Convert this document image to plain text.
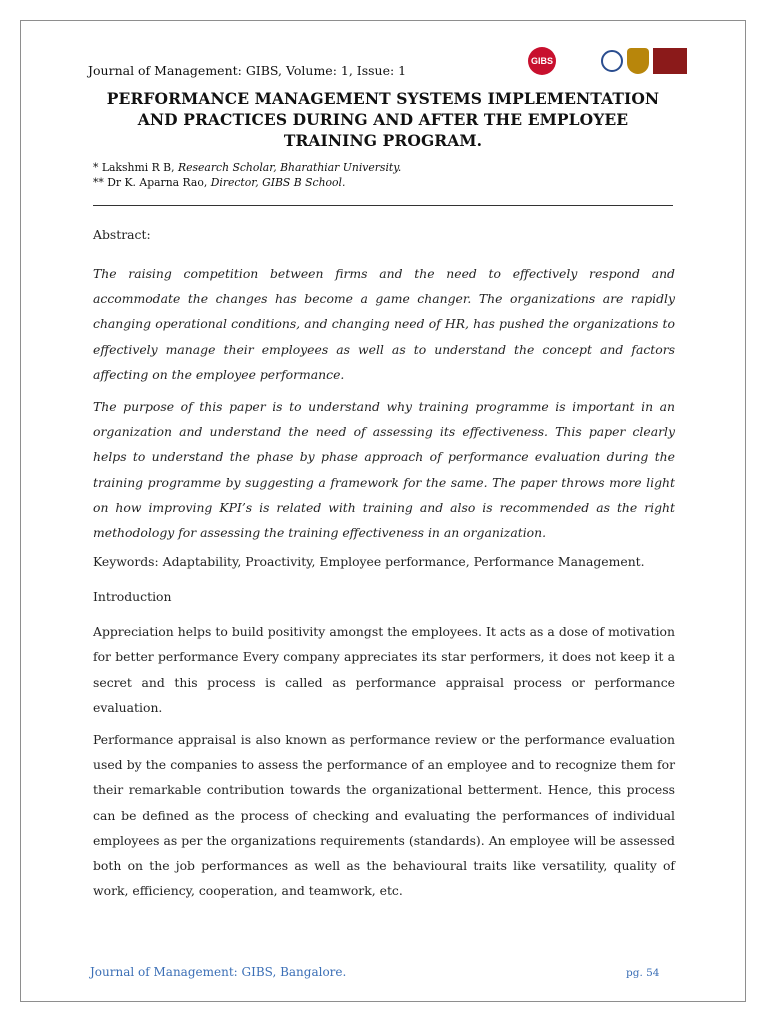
Journal of Management: GIBS, Volume: 1, Issue: 1
GIBS
PERFORMANCE MANAGEMENT SYSTEMS IMPLEMENTATION AND PRACTICES DURING AND AFTER THE EMPLOYEE TRAINING PROGRAM.
* Lakshmi R B, Research Scholar, Bharathiar University.
** Dr K. Aparna Rao, Director, GIBS B School.

Abstract:

The raising competition between firms and the need to effectively respond and accommodate the changes has become a game changer. The organizations are rapidly changing operational conditions, and changing need of HR, has pushed the organizations to effectively manage their employees as well as to understand the concept and factors affecting on the employee performance.

The purpose of this paper is to understand why training programme is important in an organization and understand the need of assessing its effectiveness. This paper clearly helps to understand the phase by phase approach of performance evaluation during the training programme by suggesting a framework for the same. The paper throws more light on how improving KPI’s is related with training and also is recommended as the right methodology for assessing the training effectiveness in an organization.

Keywords: Adaptability, Proactivity, Employee performance, Performance Management.

Introduction

Appreciation helps to build positivity amongst the employees. It acts as a dose of motivation for better performance Every company appreciates its star performers, it does not keep it a secret and this process is called as performance appraisal process or performance evaluation.

Performance appraisal is also known as performance review or the performance evaluation used by the companies to assess the performance of an employee and to recognize them for their remarkable contribution towards the organizational betterment. Hence, this process can be defined as the process of checking and evaluating the performances of individual employees as per the organizations requirements (standards). An employee will be assessed both on the job performances as well as the behavioural traits like versatility, quality of work, efficiency, cooperation, and teamwork, etc.

Journal of Management: GIBS, Bangalore.	pg. 54
